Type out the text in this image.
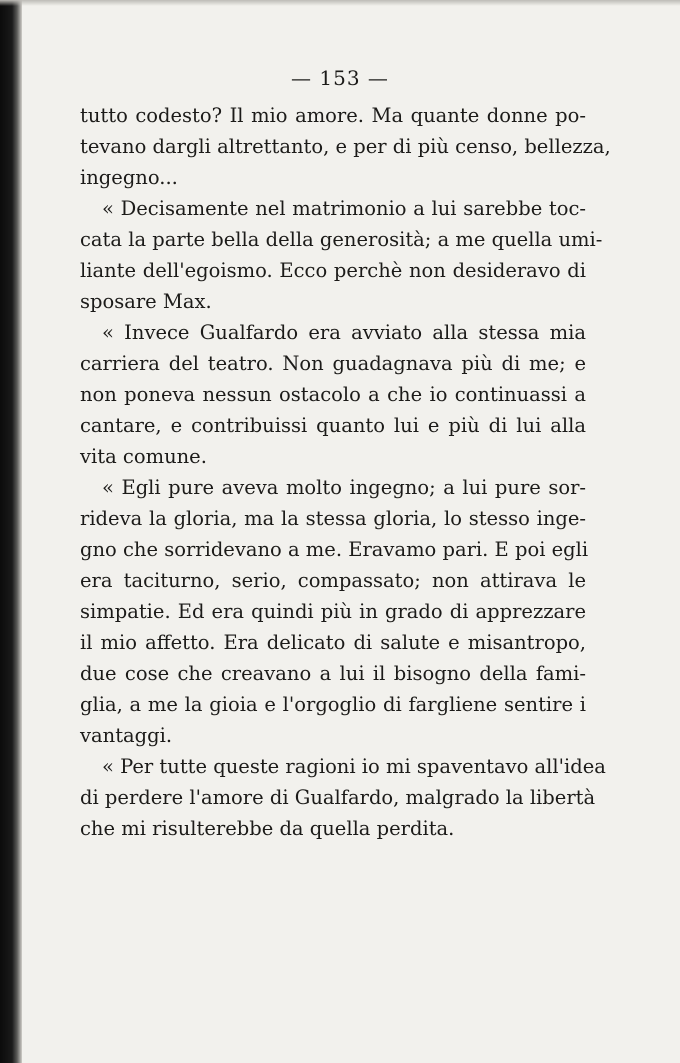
— 153 —
tutto codesto? Il mio amore. Ma quante donne po-
tevano dargli altrettanto, e per di più censo, bellezza,
ingegno...
« Decisamente nel matrimonio a lui sarebbe toc-
cata la parte bella della generosità; a me quella umi-
liante dell'egoismo. Ecco perchè non desideravo di
sposare Max.
« Invece Gualfardo era avviato alla stessa mia
carriera del teatro. Non guadagnava più di me; e
non poneva nessun ostacolo a che io continuassi a
cantare, e contribuissi quanto lui e più di lui alla
vita comune.
« Egli pure aveva molto ingegno; a lui pure sor-
rideva la gloria, ma la stessa gloria, lo stesso inge-
gno che sorridevano a me. Eravamo pari. E poi egli
era taciturno, serio, compassato; non attirava le
simpatie. Ed era quindi più in grado di apprezzare
il mio affetto. Era delicato di salute e misantropo,
due cose che creavano a lui il bisogno della fami-
glia, a me la gioia e l'orgoglio di fargliene sentire i
vantaggi.
« Per tutte queste ragioni io mi spaventavo all'idea
di perdere l'amore di Gualfardo, malgrado la libertà
che mi risulterebbe da quella perdita.
